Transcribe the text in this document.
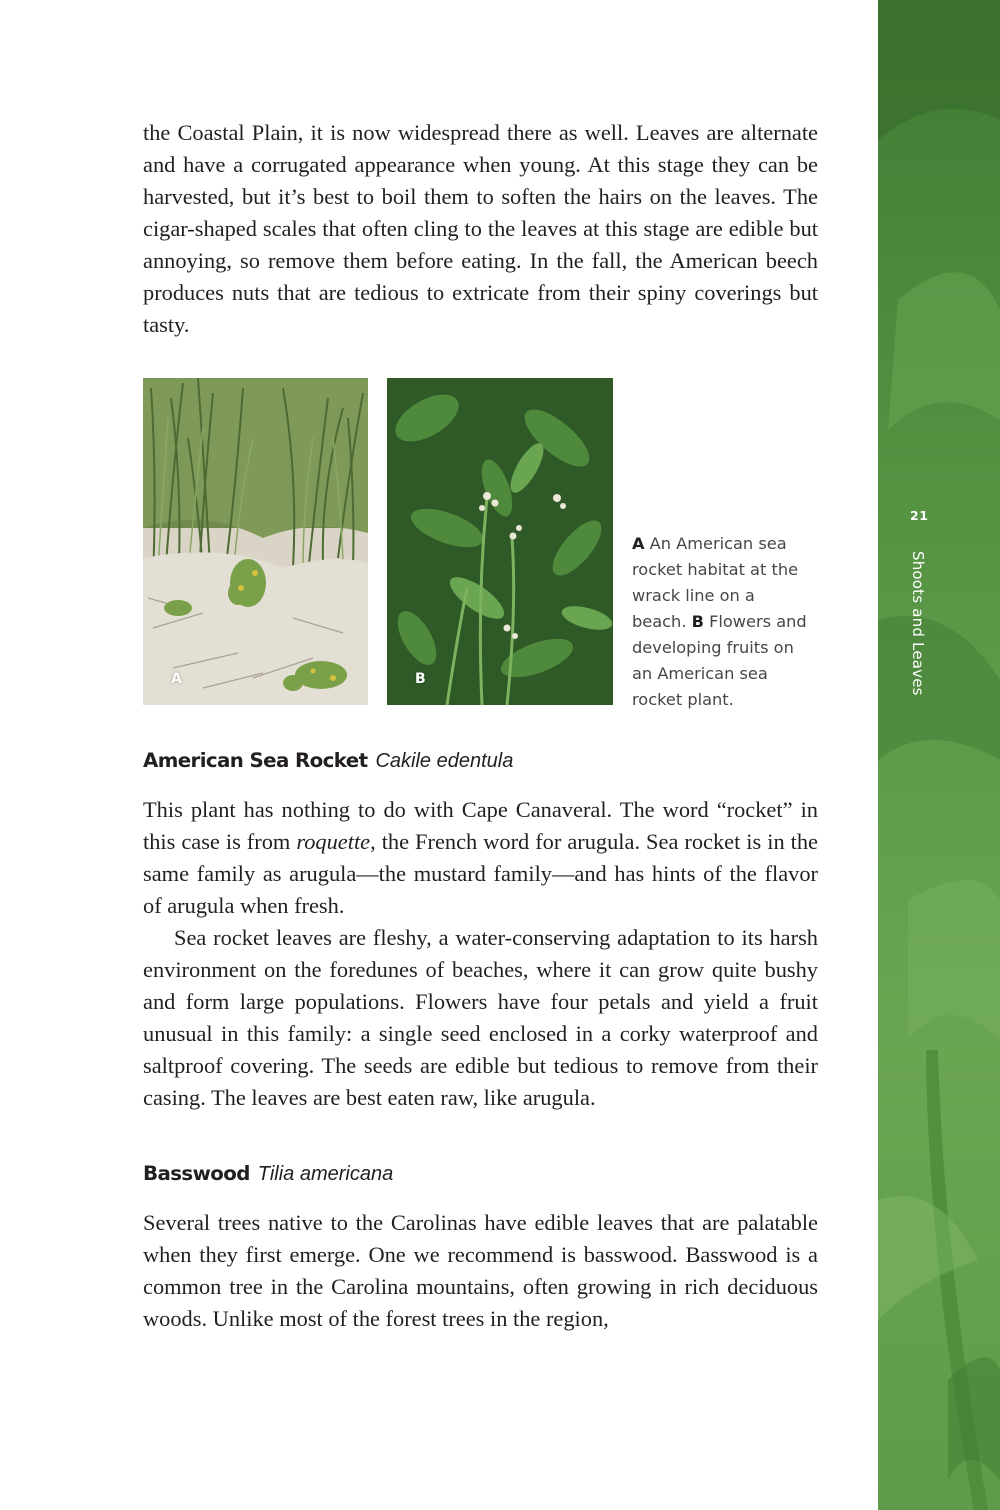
21
Shoots and Leaves

the Coastal Plain, it is now widespread there as well. Leaves are alternate and have a corrugated appearance when young. At this stage they can be harvested, but it’s best to boil them to soften the hairs on the leaves. The cigar-shaped scales that often cling to the leaves at this stage are edible but annoying, so remove them before eating. In the fall, the American beech produces nuts that are tedious to extricate from their spiny coverings but tasty.

This plant has nothing to do with Cape Canaveral. The word “rocket” in this case is from roquette, the French word for arugula. Sea rocket is in the same family as arugula—the mustard family—and has hints of the flavor of arugula when fresh.

Sea rocket leaves are fleshy, a water-conserving adaptation to its harsh environment on the foredunes of beaches, where it can grow quite bushy and form large populations. Flowers have four petals and yield a fruit unusual in this family: a single seed enclosed in a corky waterproof and saltproof covering. The seeds are edible but tedious to remove from their casing. The leaves are best eaten raw, like arugula.

Several trees native to the Carolinas have edible leaves that are palatable when they first emerge. One we recommend is basswood. Basswood is a common tree in the Carolina mountains, often growing in rich deciduous woods. Unlike most of the forest trees in the region,

A	B
A An American sea rocket habitat at the wrack line on a beach. B Flowers and developing fruits on an American sea rocket plant.
American Sea Rocket Cakile edentula
Basswood Tilia americana
